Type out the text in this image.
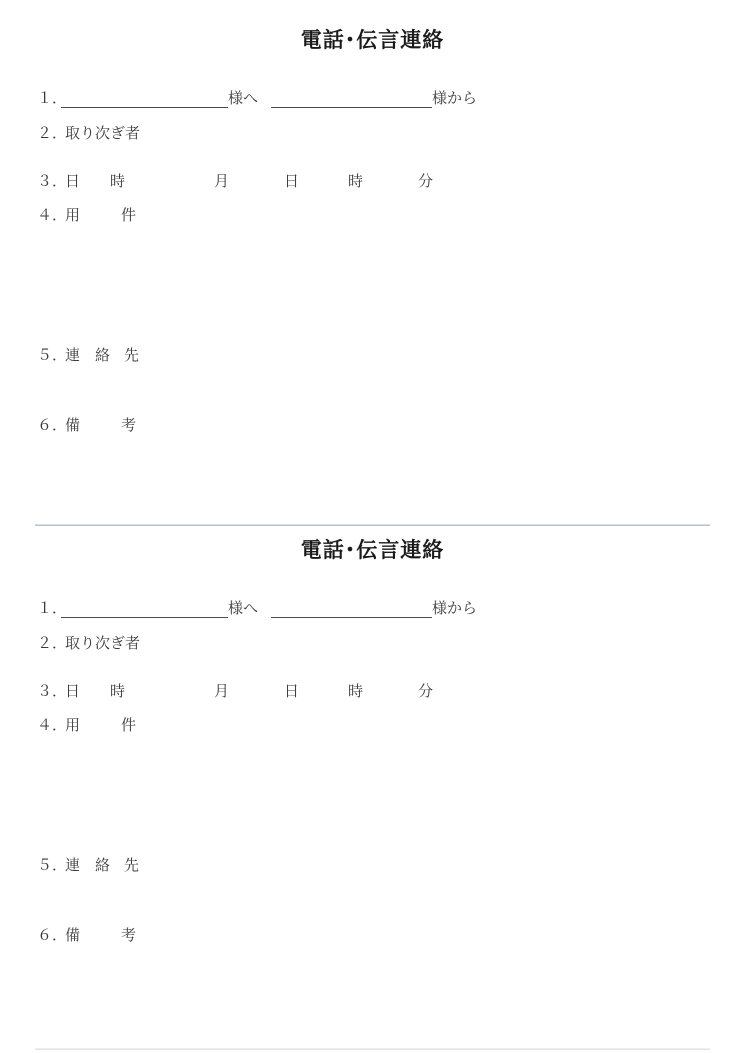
電話･伝言連絡
１．	様へ	様から
２．
取り次ぎ者
３．
日 時	月	日	時	分
４．
用	件
５．
連 絡 先
６．
備	考
電話･伝言連絡
１．	様へ	様から
２．
取り次ぎ者
３．
日 時	月	日	時	分
４．
用	件
５．
連 絡 先
６．
備	考
